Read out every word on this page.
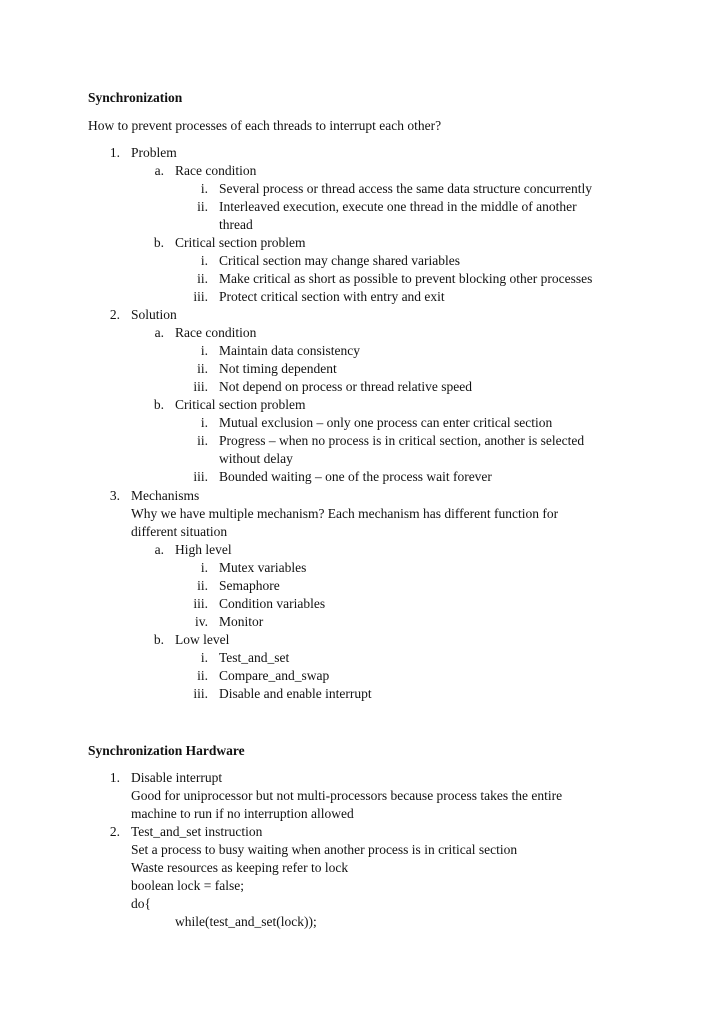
Synchronization
How to prevent processes of each threads to interrupt each other?
1. Problem
a. Race condition
i. Several process or thread access the same data structure concurrently
ii. Interleaved execution, execute one thread in the middle of another
thread
b. Critical section problem
i. Critical section may change shared variables
ii. Make critical as short as possible to prevent blocking other processes
iii. Protect critical section with entry and exit
2. Solution
a. Race condition
i. Maintain data consistency
ii. Not timing dependent
iii. Not depend on process or thread relative speed
b. Critical section problem
i. Mutual exclusion – only one process can enter critical section
ii. Progress – when no process is in critical section, another is selected
without delay
iii. Bounded waiting – one of the process wait forever
3. Mechanisms
Why we have multiple mechanism? Each mechanism has different function for
different situation
a. High level
i. Mutex variables
ii. Semaphore
iii. Condition variables
iv. Monitor
b. Low level
i. Test_and_set
ii. Compare_and_swap
iii. Disable and enable interrupt
Synchronization Hardware
1. Disable interrupt
Good for uniprocessor but not multi-processors because process takes the entire
machine to run if no interruption allowed
2. Test_and_set instruction
Set a process to busy waiting when another process is in critical section
Waste resources as keeping refer to lock
boolean lock = false;
do{
while(test_and_set(lock));
